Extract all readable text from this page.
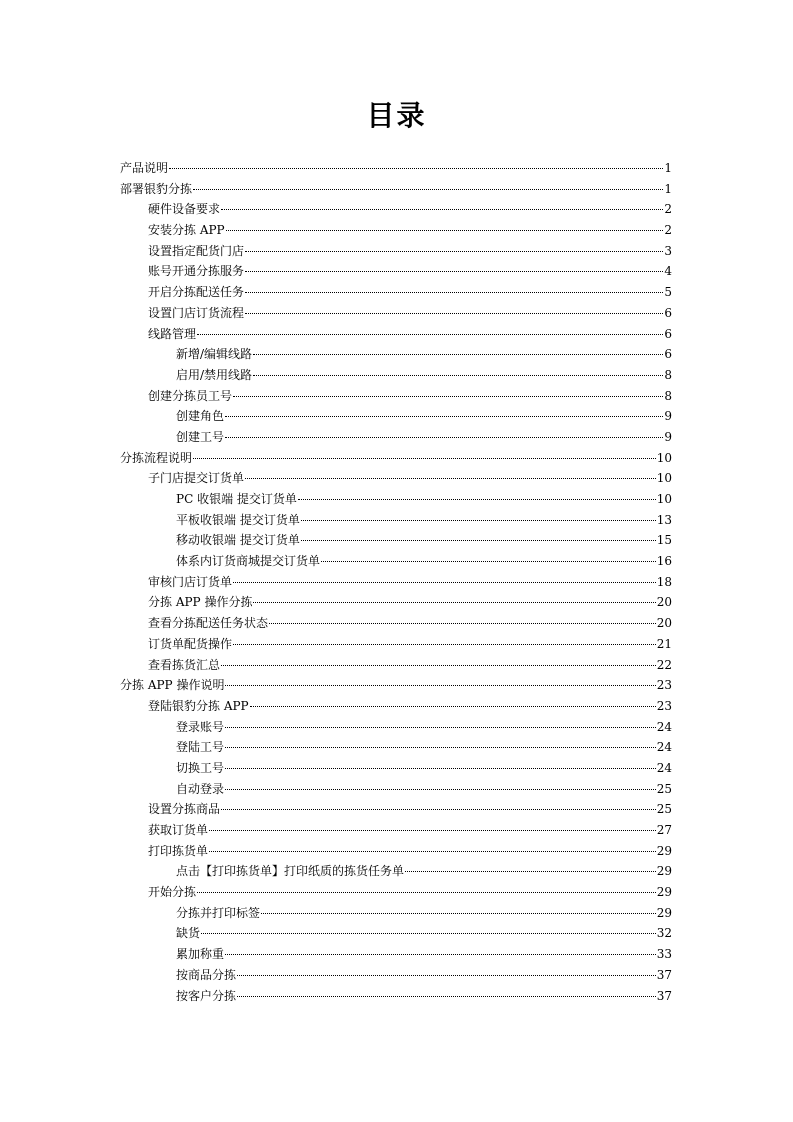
目录
产品说明	1
部署银豹分拣	1
硬件设备要求	2
安装分拣 APP	2
设置指定配货门店	3
账号开通分拣服务	4
开启分拣配送任务	5
设置门店订货流程	6
线路管理	6
新增/编辑线路	6
启用/禁用线路	8
创建分拣员工号	8
创建角色	9
创建工号	9
分拣流程说明	10
子门店提交订货单	10
PC 收银端 提交订货单	10
平板收银端 提交订货单	13
移动收银端 提交订货单	15
体系内订货商城提交订货单	16
审核门店订货单	18
分拣 APP 操作分拣	20
查看分拣配送任务状态	20
订货单配货操作	21
查看拣货汇总	22
分拣 APP 操作说明	23
登陆银豹分拣 APP	23
登录账号	24
登陆工号	24
切换工号	24
自动登录	25
设置分拣商品	25
获取订货单	27
打印拣货单	29
点击【打印拣货单】打印纸质的拣货任务单	29
开始分拣	29
分拣并打印标签	29
缺货	32
累加称重	33
按商品分拣	37
按客户分拣	37
